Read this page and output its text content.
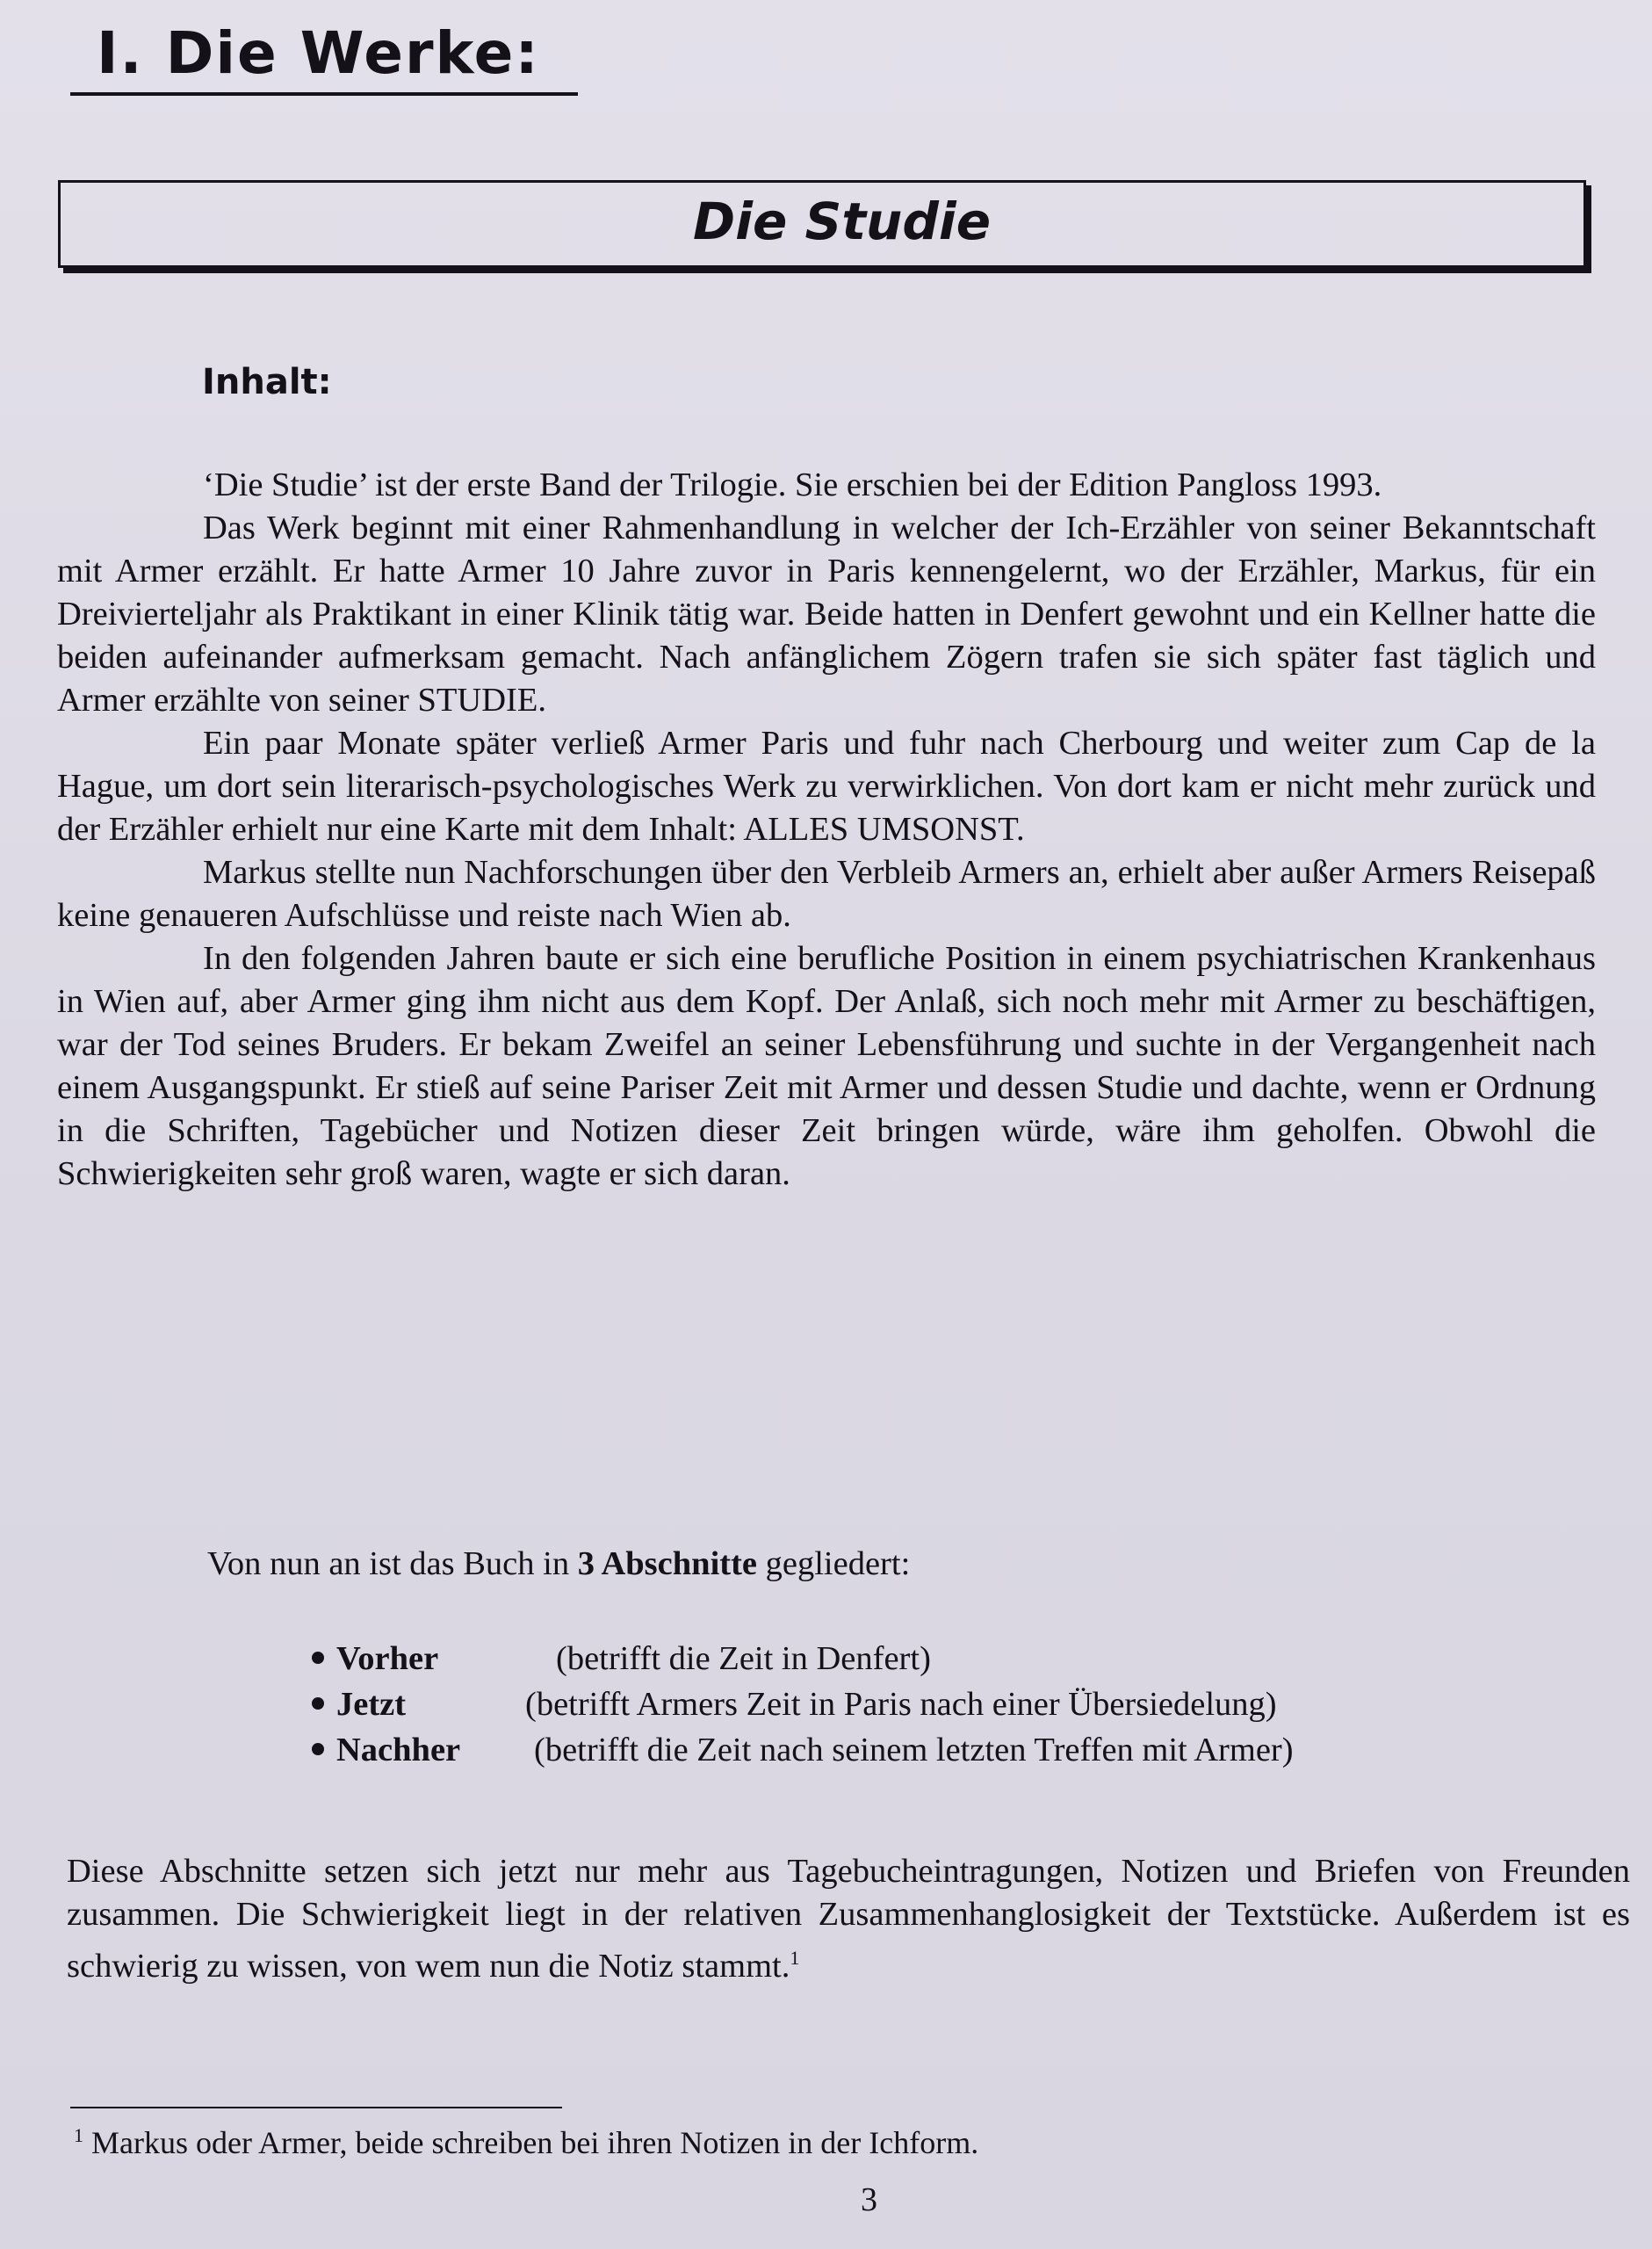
I. Die Werke:
Die Studie
Inhalt:

‘Die Studie’ ist der erste Band der Trilogie. Sie erschien bei der Edition Pangloss 1993.

Das Werk beginnt mit einer Rahmenhandlung in welcher der Ich-Erzähler von seiner Bekanntschaft mit Armer erzählt. Er hatte Armer 10 Jahre zuvor in Paris kennengelernt, wo der Erzähler, Markus, für ein Dreivierteljahr als Praktikant in einer Klinik tätig war. Beide hatten in Denfert gewohnt und ein Kellner hatte die beiden aufeinander aufmerksam gemacht. Nach anfänglichem Zögern trafen sie sich später fast täglich und Armer erzählte von seiner STUDIE.

Ein paar Monate später verließ Armer Paris und fuhr nach Cherbourg und weiter zum Cap de la Hague, um dort sein literarisch-psychologisches Werk zu verwirklichen. Von dort kam er nicht mehr zurück und der Erzähler erhielt nur eine Karte mit dem Inhalt: ALLES UMSONST.

Markus stellte nun Nachforschungen über den Verbleib Armers an, erhielt aber außer Armers Reisepaß keine genaueren Aufschlüsse und reiste nach Wien ab.

In den folgenden Jahren baute er sich eine berufliche Position in einem psychiatrischen Krankenhaus in Wien auf, aber Armer ging ihm nicht aus dem Kopf. Der Anlaß, sich noch mehr mit Armer zu beschäftigen, war der Tod seines Bruders. Er bekam Zweifel an seiner Lebensführung und suchte in der Vergangenheit nach einem Ausgangspunkt. Er stieß auf seine Pariser Zeit mit Armer und dessen Studie und dachte, wenn er Ordnung in die Schriften, Tagebücher und Notizen dieser Zeit bringen würde, wäre ihm geholfen. Obwohl die Schwierigkeiten sehr groß waren, wagte er sich daran.

Von nun an ist das Buch in 3 Abschnitte gegliedert:

Vorher	(betrifft die Zeit in Denfert)
Jetzt	(betrifft Armers Zeit in Paris nach einer Übersiedelung)
Nachher	(betrifft die Zeit nach seinem letzten Treffen mit Armer)

Diese Abschnitte setzen sich jetzt nur mehr aus Tagebucheintragungen, Notizen und Briefen von Freunden zusammen. Die Schwierigkeit liegt in der relativen Zusammenhanglosigkeit der Textstücke. Außerdem ist es schwierig zu wissen, von wem nun die Notiz stammt.$^1$

$^1$ Markus oder Armer, beide schreiben bei ihren Notizen in der Ichform.

3
